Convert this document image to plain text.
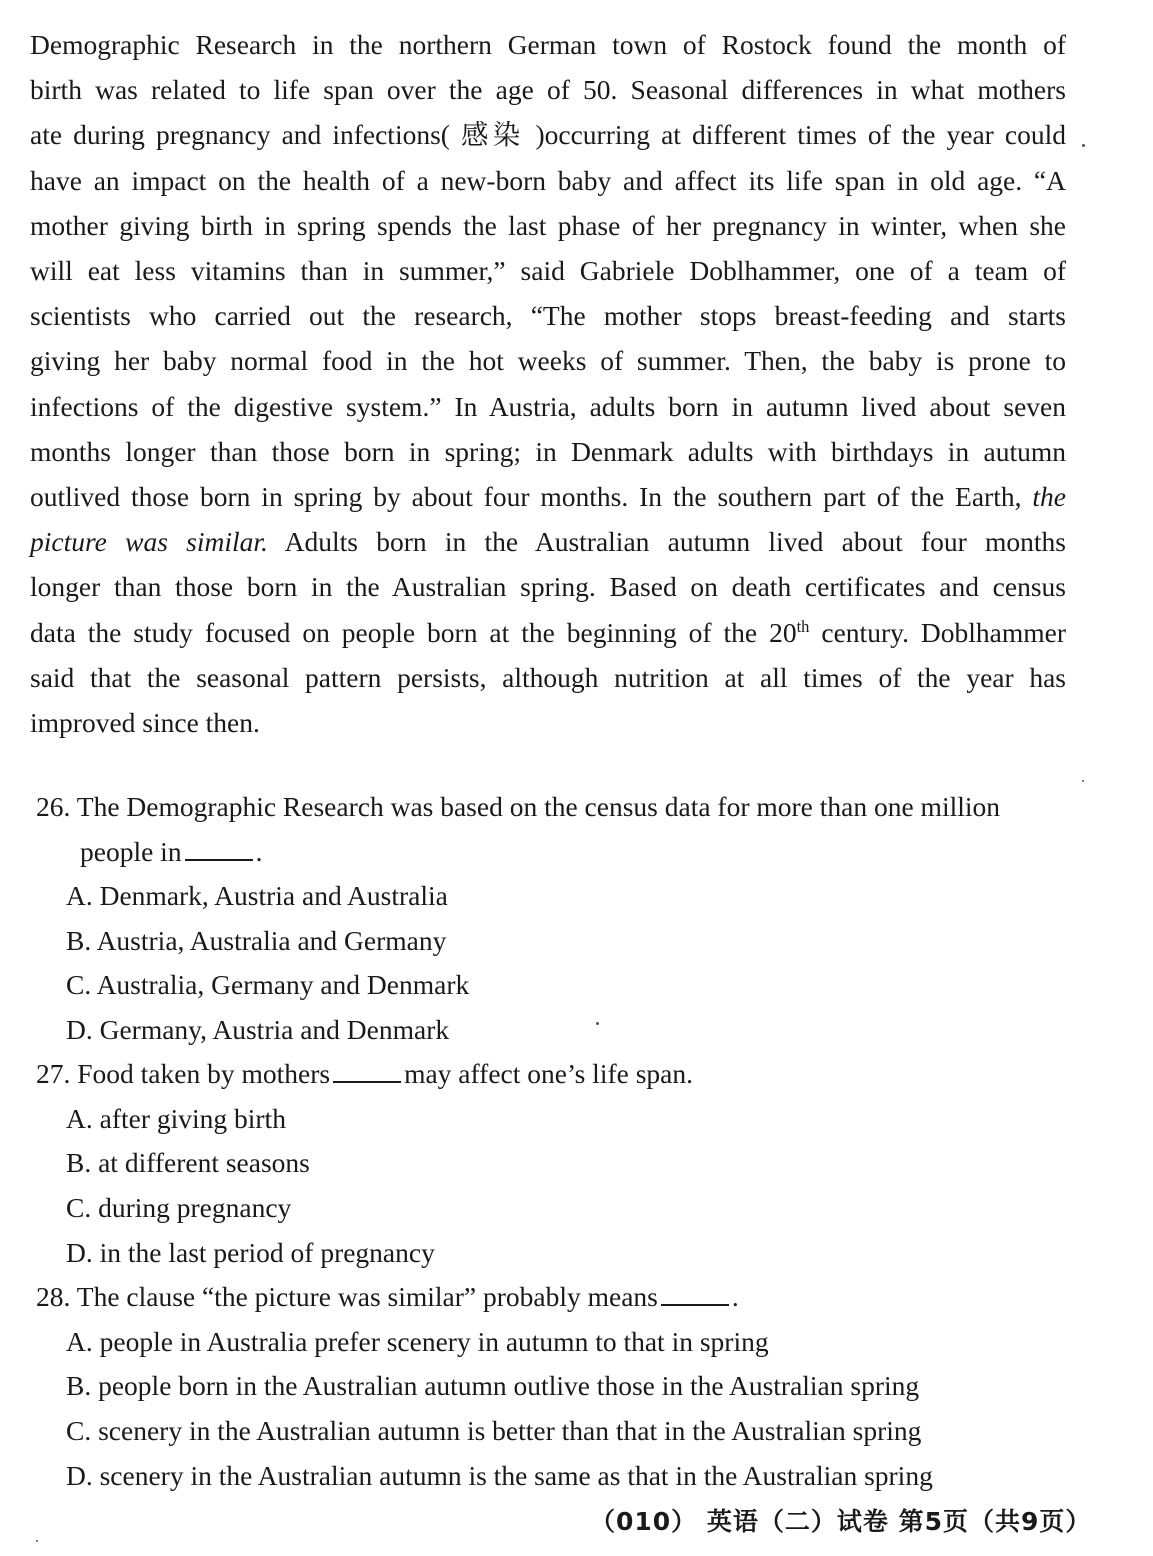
Demographic Research in the northern German town of Rostock found the month of
birth was related to life span over the age of 50. Seasonal differences in what mothers
ate during pregnancy and infections( 感染 )occurring at different times of the year could
have an impact on the health of a new-born baby and affect its life span in old age. “A
mother giving birth in spring spends the last phase of her pregnancy in winter, when she
will eat less vitamins than in summer,” said Gabriele Doblhammer, one of a team of
scientists who carried out the research, “The mother stops breast-feeding and starts
giving her baby normal food in the hot weeks of summer. Then, the baby is prone to
infections of the digestive system.” In Austria, adults born in autumn lived about seven
months longer than those born in spring; in Denmark adults with birthdays in autumn
outlived those born in spring by about four months. In the southern part of the Earth, the
picture was similar. Adults born in the Australian autumn lived about four months
longer than those born in the Australian spring. Based on death certificates and census
data the study focused on people born at the beginning of the 20th century. Doblhammer
said that the seasonal pattern persists, although nutrition at all times of the year has
improved since then.
26. The Demographic Research was based on the census data for more than one million
people in	.
A. Denmark, Austria and Australia
B. Austria, Australia and Germany
C. Australia, Germany and Denmark
D. Germany, Austria and Denmark
27. Food taken by mothers	may affect one’s life span.
A. after giving birth
B. at different seasons
C. during pregnancy
D. in the last period of pregnancy
28. The clause “the picture was similar” probably means	.
A. people in Australia prefer scenery in autumn to that in spring
B. people born in the Australian autumn outlive those in the Australian spring
C. scenery in the Australian autumn is better than that in the Australian spring
D. scenery in the Australian autumn is the same as that in the Australian spring
（010） 英语（二）试卷 第5页（共9页）
